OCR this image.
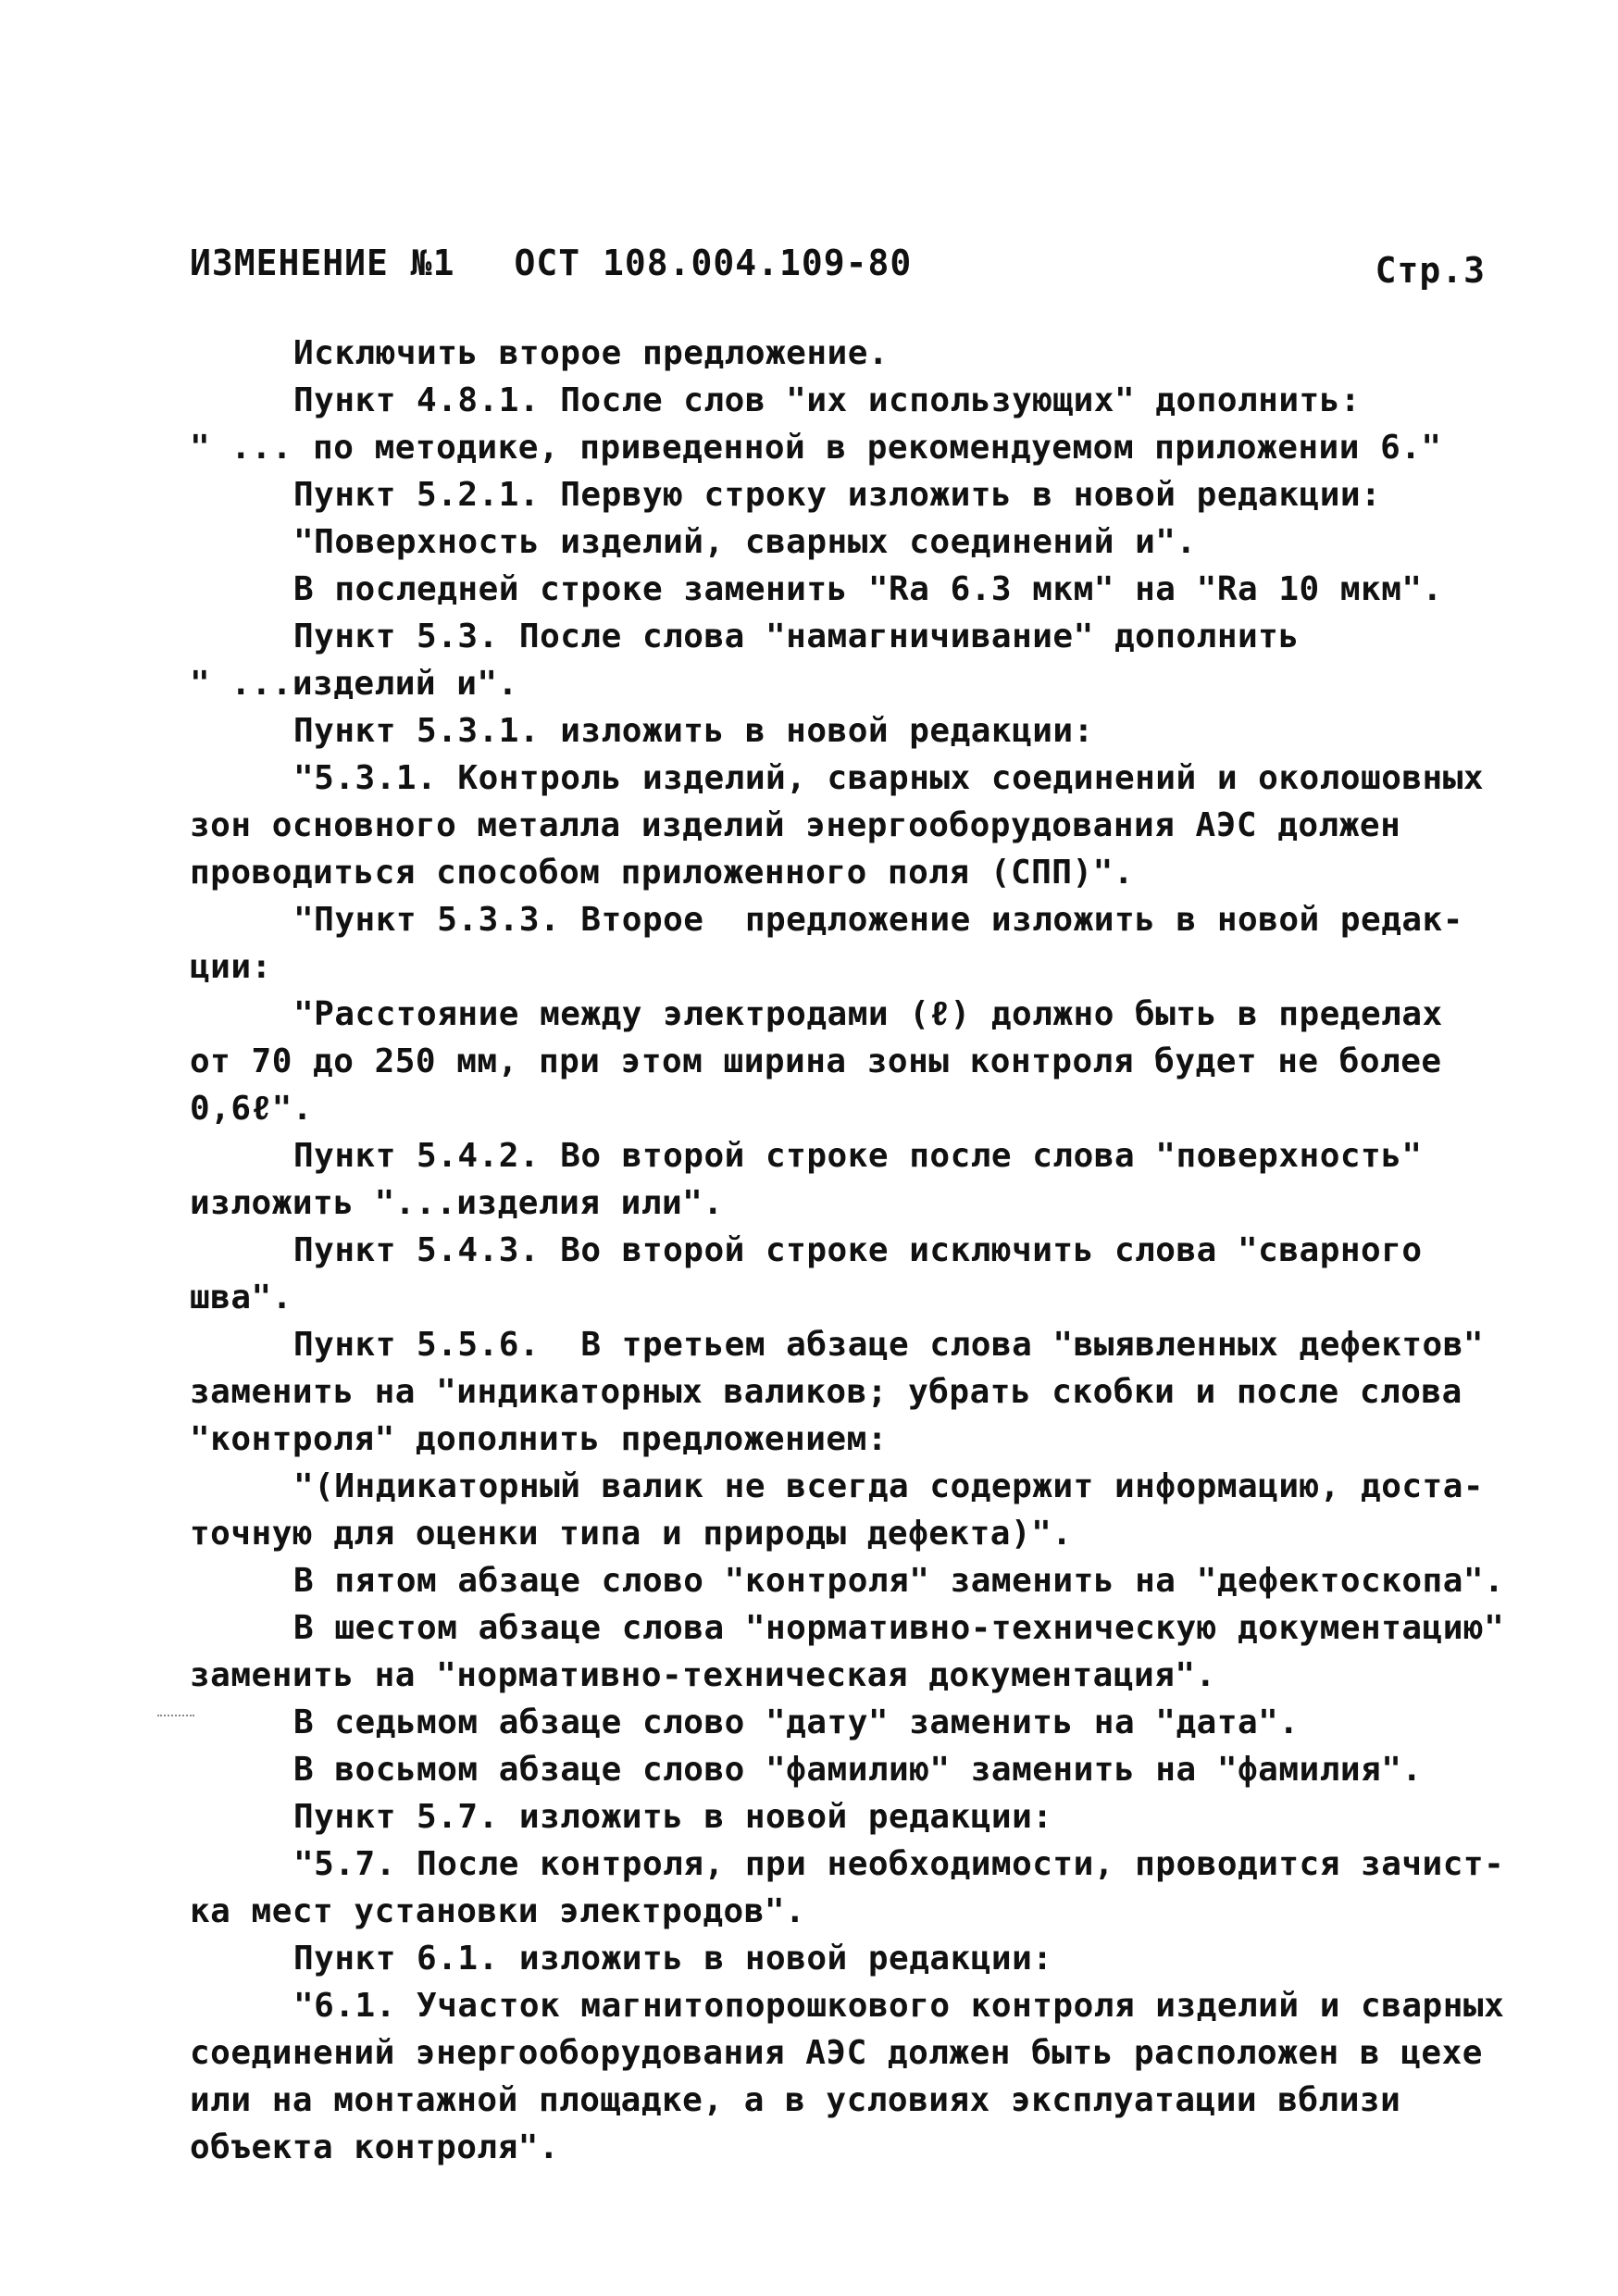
ИЗМЕНЕНИЕ №1 ОСТ 108.004.109-80	Стр.3
Исключить второе предложение.
Пункт 4.8.1. После слов "их использующих" дополнить:
" ... по методике, приведенной в рекомендуемом приложении 6."
Пункт 5.2.1. Первую строку изложить в новой редакции:
"Поверхность изделий, сварных соединений и".
В последней строке заменить "Rа 6.3 мкм" на "Rа 10 мкм".
Пункт 5.3. После слова "намагничивание" дополнить
" ...изделий и".
Пункт 5.3.1. изложить в новой редакции:
"5.3.1. Контроль изделий, сварных соединений и околошовных
зон основного металла изделий энергооборудования АЭС должен
проводиться способом приложенного поля (СПП)".
"Пункт 5.3.3. Второе  предложение изложить в новой редак-
ции:
"Расстояние между электродами (ℓ) должно быть в пределах
от 70 до 250 мм, при этом ширина зоны контроля будет не более
0,6ℓ".
Пункт 5.4.2. Во второй строке после слова "поверхность"
изложить "...изделия или".
Пункт 5.4.3. Во второй строке исключить слова "сварного
шва".
Пункт 5.5.6.  В третьем абзаце слова "выявленных дефектов"
заменить на "индикаторных валиков; убрать скобки и после слова
"контроля" дополнить предложением:
"(Индикаторный валик не всегда содержит информацию, доста-
точную для оценки типа и природы дефекта)".
В пятом абзаце слово "контроля" заменить на "дефектоскопа".
В шестом абзаце слова "нормативно-техническую документацию"
заменить на "нормативно-техническая документация".
В седьмом абзаце слово "дату" заменить на "дата".
В восьмом абзаце слово "фамилию" заменить на "фамилия".
Пункт 5.7. изложить в новой редакции:
"5.7. После контроля, при необходимости, проводится зачист-
ка мест установки электродов".
Пункт 6.1. изложить в новой редакции:
"6.1. Участок магнитопорошкового контроля изделий и сварных
соединений энергооборудования АЭС должен быть расположен в цехе
или на монтажной площадке, а в условиях эксплуатации вблизи
объекта контроля".
